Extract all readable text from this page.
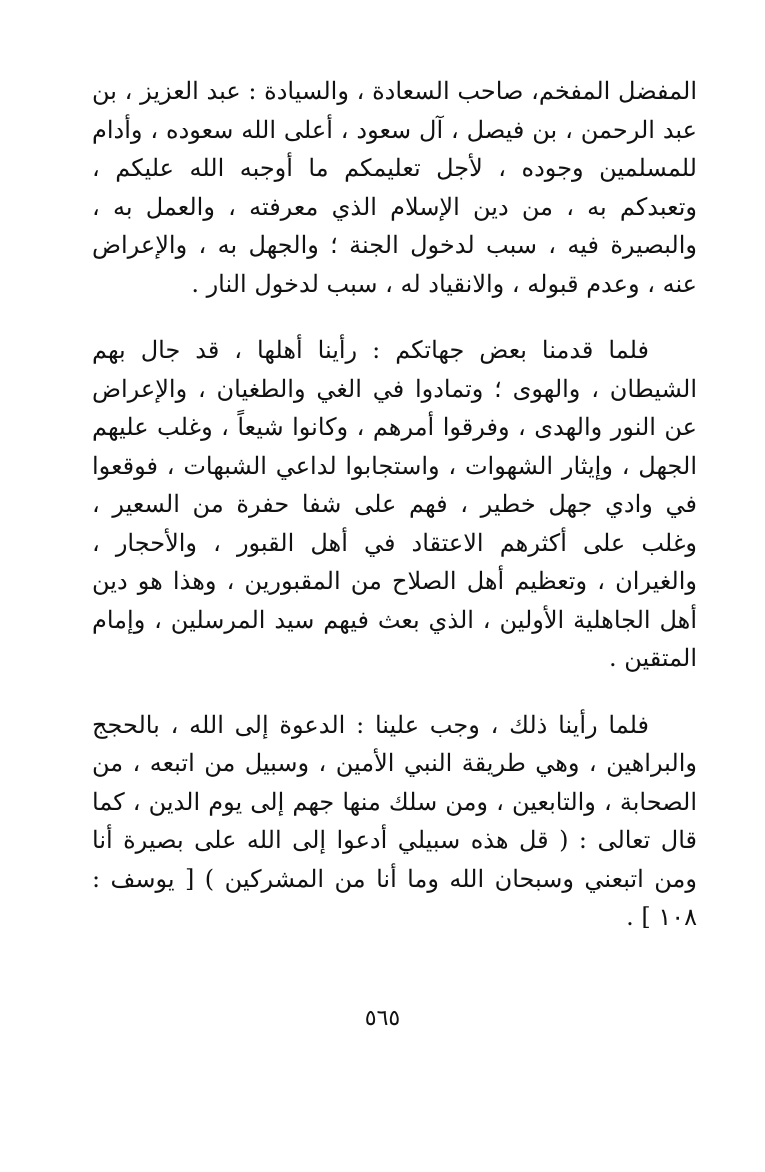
المفضل المفخم، صاحب السعادة ، والسيادة : عبد العزيز ، بن عبد الرحمن ، بن فيصل ، آل سعود ، أعلى الله سعوده ، وأدام للمسلمين وجوده ، لأجل تعليمكم ما أوجبه الله عليكم ، وتعبدكم به ، من دين الإسلام الذي معرفته ، والعمل به ، والبصيرة فيه ، سبب لدخول الجنة ؛ والجهل به ، والإعراض عنه ، وعدم قبوله ، والانقياد له ، سبب لدخول النار .

فلما قدمنا بعض جهاتكم : رأينا أهلها ، قد جال بهم الشيطان ، والهوى ؛ وتمادوا في الغي والطغيان ، والإعراض عن النور والهدى ، وفرقوا أمرهم ، وكانوا شيعاً ، وغلب عليهم الجهل ، وإيثار الشهوات ، واستجابوا لداعي الشبهات ، فوقعوا في وادي جهل خطير ، فهم على شفا حفرة من السعير ، وغلب على أكثرهم الاعتقاد في أهل القبور ، والأحجار ، والغيران ، وتعظيم أهل الصلاح من المقبورين ، وهذا هو دين أهل الجاهلية الأولين ، الذي بعث فيهم سيد المرسلين ، وإمام المتقين .

فلما رأينا ذلك ، وجب علينا : الدعوة إلى الله ، بالحجج والبراهين ، وهي طريقة النبي الأمين ، وسبيل من اتبعه ، من الصحابة ، والتابعين ، ومن سلك منها جهم إلى يوم الدين ، كما قال تعالى : ( قل هذه سبيلي أدعوا إلى الله على بصيرة أنا ومن اتبعني وسبحان الله وما أنا من المشركين ) [ يوسف : ١٠٨ ] .

٥٦٥
